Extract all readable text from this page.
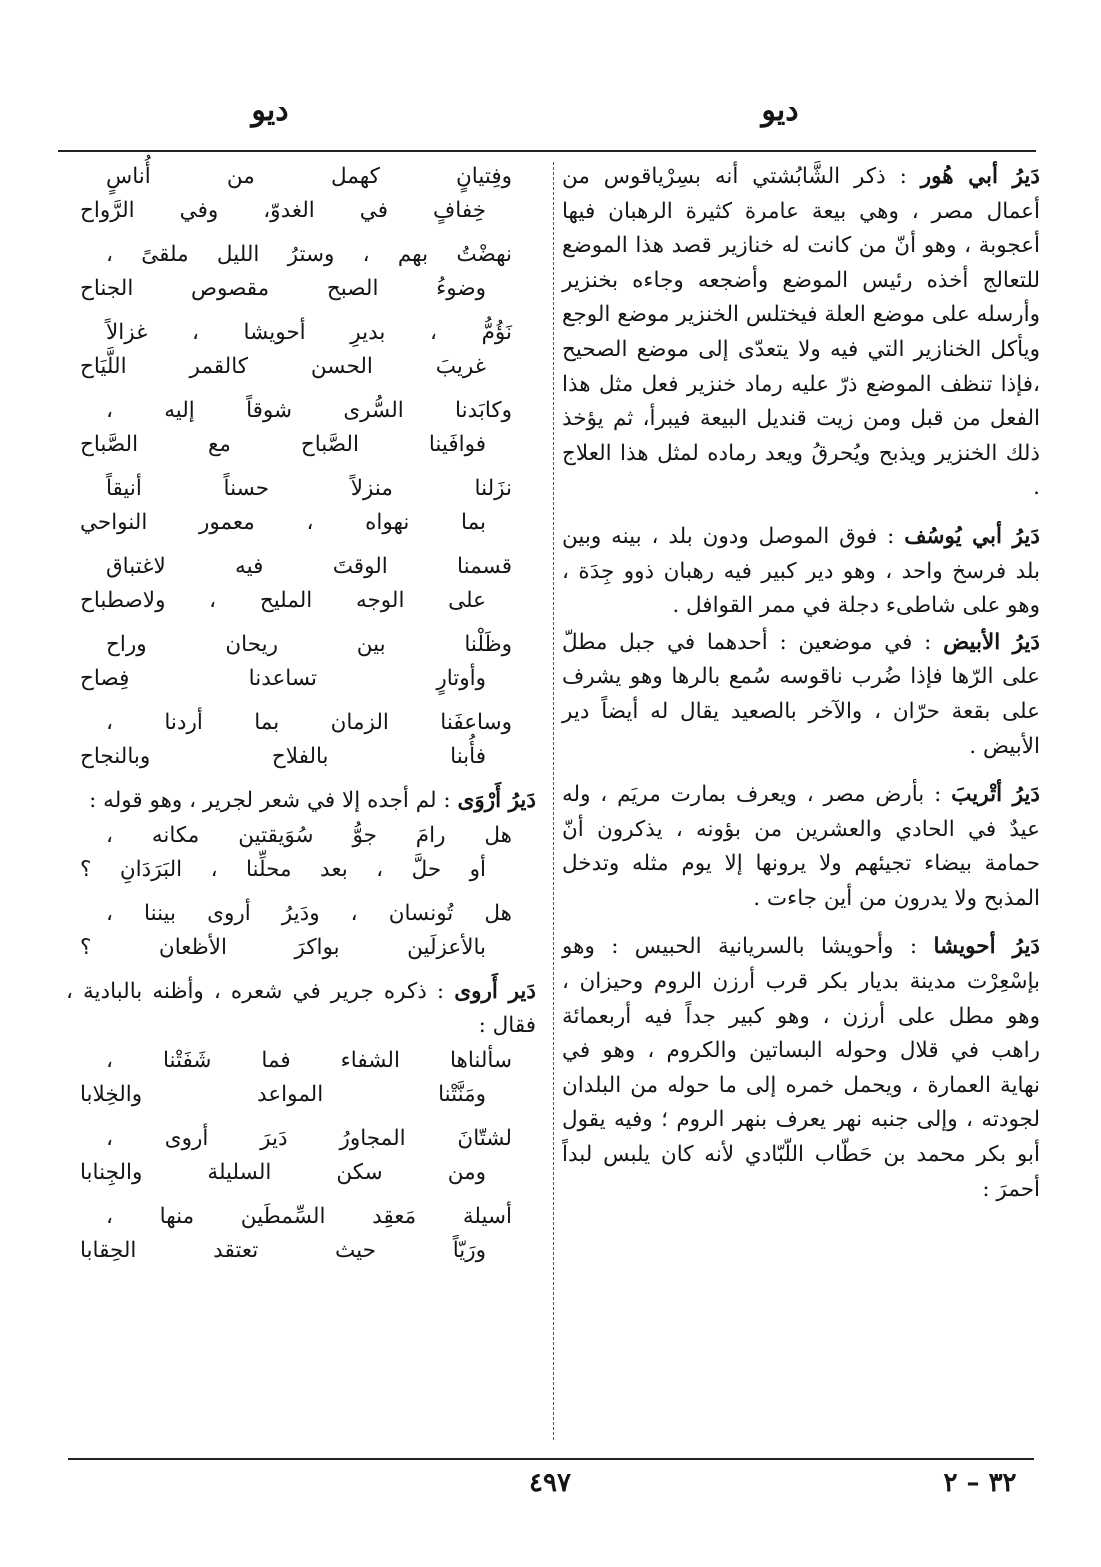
ديو
ديو

دَيرُ أبي هُور : ذكر الشَّابُشتي أنه بسِرْياقوس من أعمال مصر ، وهي بيعة عامرة كثيرة الرهبان فيها أعجوبة ، وهو أنّ من كانت له خنازير قصد هذا الموضع للتعالج أخذه رئيس الموضع وأضجعه وجاءه بخنزير وأرسله على موضع العلة فيختلس الخنزير موضع الوجع ويأكل الخنازير التي فيه ولا يتعدّى إلى موضع الصحيح ،فإذا تنظف الموضع ذرّ عليه رماد خنزير فعل مثل هذا الفعل من قبل ومن زيت قنديل البيعة فيبرأ، ثم يؤخذ ذلك الخنزير ويذبح ويُحرقُ ويعد رماده لمثل هذا العلاج .

دَيرُ أبي يُوسُف : فوق الموصل ودون بلد ، بينه وبين بلد فرسخ واحد ، وهو دير كبير فيه رهبان ذوو جِدَة ، وهو على شاطىء دجلة في ممر القوافل .

دَيرُ الأبيض : في موضعين : أحدهما في جبل مطلّ على الرّها فإذا ضُرب ناقوسه سُمع بالرها وهو يشرف على بقعة حرّان ، والآخر بالصعيد يقال له أيضاً دير الأبيض .

دَيرُ أتْريبَ : بأرض مصر ، ويعرف بمارت مريَم ، وله عيدٌ في الحادي والعشرين من بؤونه ، يذكرون أنّ حمامة بيضاء تجيئهم ولا يرونها إلا يوم مثله وتدخل المذبح ولا يدرون من أين جاءت .

دَيرُ أحويشا : وأحويشا بالسريانية الحبيس : وهو بإسْعِرْت مدينة بديار بكر قرب أرزن الروم وحيزان ، وهو مطل على أرزن ، وهو كبير جداً فيه أربعمائة راهب في قلال وحوله البساتين والكروم ، وهو في نهاية العمارة ، ويحمل خمره إلى ما حوله من البلدان لجودته ، وإلى جنبه نهر يعرف بنهر الروم ؛ وفيه يقول أبو بكر محمد بن حَطّاب اللّبّادي لأنه كان يلبس لبداً أحمرَ :

وفِتيانٍ كهمل من أُناسٍ
خِفافٍ في الغدوّ، وفي الرَّواح
نهضْتُ بهم ، وسترُ الليل ملقىً ،
وضوءُ الصبح مقصوص الجناح
نَؤُمُّ ، بديرِ أحويشا ، غزالاً
غريبَ الحسن كالقمر اللَّيَاح
وكابَدنا السُّرى شوقاً إليه ،
فوافَينا الصَّباح مع الصَّباح
نزَلنا منزلاً حسناً أنيقاً
بما نهواه ، معمور النواحي
قسمنا الوقتَ فيه لاغتباق
على الوجه المليح ، ولاصطباح
وظَلْنا بين ريحان وراح
وأوتارٍ تساعدنا فِصاح
وساعفَنا الزمان بما أردنا ،
فأُبنا بالفلاح وبالنجاح

دَيرُ أَرْوَى : لم أجده إلا في شعر لجرير ، وهو قوله :

هل رامَ جوُّ سُوَيقتين مكانه ،
أو حلَّ ، بعد محلِّنا ، البَرَدَانِ ؟
هل تُونسان ، ودَيرُ أروى بيننا ،
بالأعزلَين بواكرَ الأظعان ؟

دَير أَروى : ذكره جرير في شعره ، وأظنه بالبادية ، فقال :

سألناها الشفاء فما شَفَتْنا ،
ومَنَّتْنا المواعد والخِلابا
لشتّانَ المجاورُ دَيرَ أروى ،
ومن سكن السليلة والجِنابا
أسيلة مَعقِد السِّمطَين منها ،
ورَيّاً حيث تعتقد الحِقابا
٤٩٧	٣٢ – ٢
